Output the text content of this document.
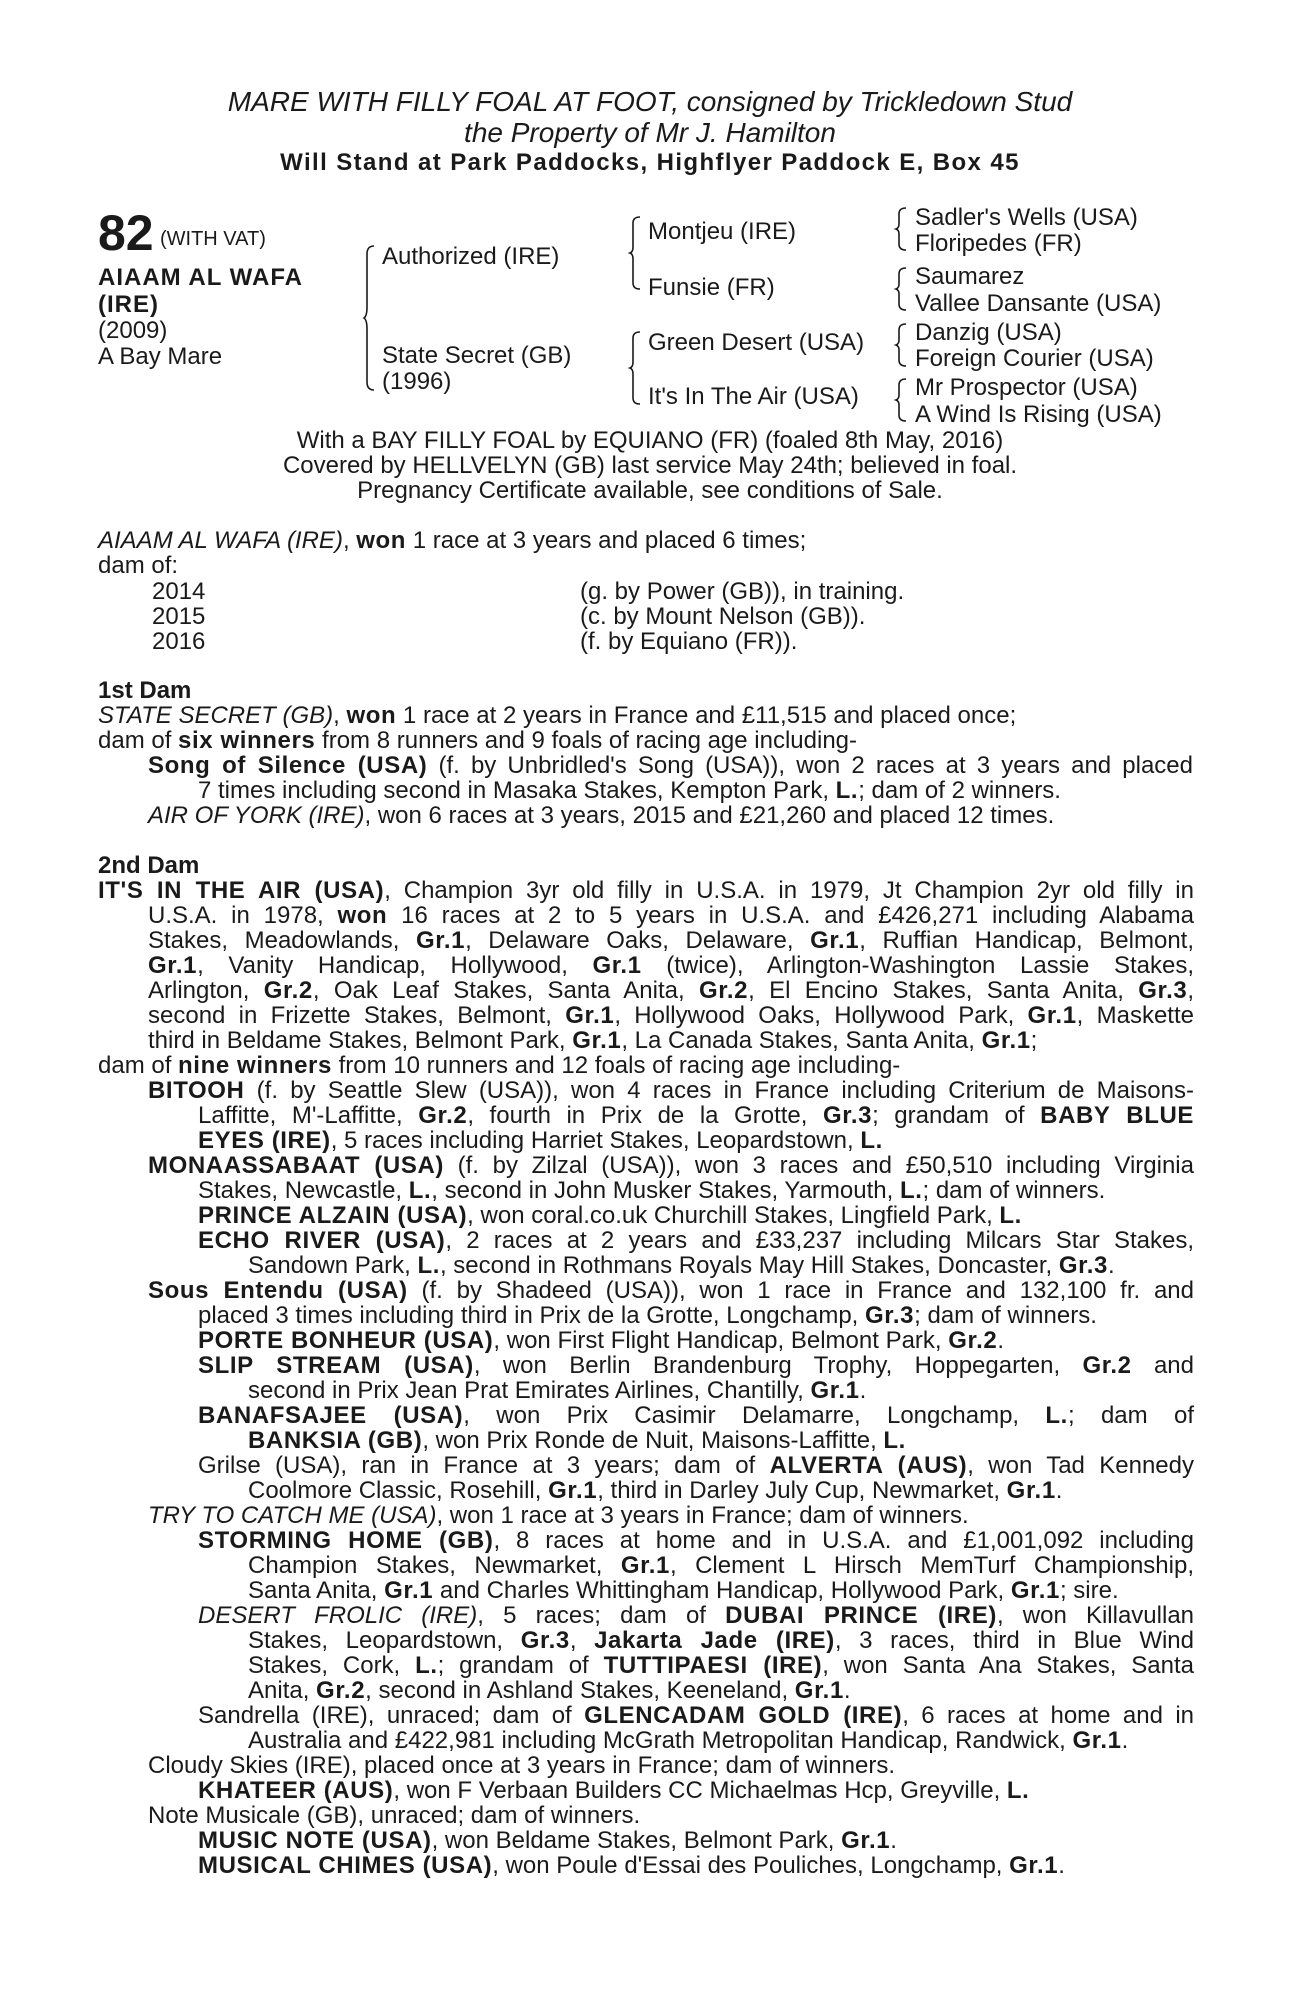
MARE WITH FILLY FOAL AT FOOT, consigned by Trickledown Stud
the Property of Mr J. Hamilton
Will Stand at Park Paddocks, Highflyer Paddock E, Box 45
82 (WITH VAT)
AIAAM AL WAFA
(IRE)
(2009)
A Bay Mare
Authorized (IRE)
State Secret (GB)
(1996)
Montjeu (IRE)
Funsie (FR)
Green Desert (USA)
It's In The Air (USA)
Sadler's Wells (USA)
Floripedes (FR)
Saumarez
Vallee Dansante (USA)
Danzig (USA)
Foreign Courier (USA)
Mr Prospector (USA)
A Wind Is Rising (USA)
With a BAY FILLY FOAL by EQUIANO (FR) (foaled 8th May, 2016)
Covered by HELLVELYN (GB) last service May 24th; believed in foal.
Pregnancy Certificate available, see conditions of Sale.
AIAAM AL WAFA (IRE), won 1 race at 3 years and placed 6 times;
dam of:
2014	(g. by Power (GB)), in training.
2015	(c. by Mount Nelson (GB)).
2016	(f. by Equiano (FR)).
1st Dam
STATE SECRET (GB), won 1 race at 2 years in France and £11,515 and placed once;
dam of six winners from 8 runners and 9 foals of racing age including-
Song of Silence (USA) (f. by Unbridled's Song (USA)), won 2 races at 3 years and placed
7 times including second in Masaka Stakes, Kempton Park, L.; dam of 2 winners.
AIR OF YORK (IRE), won 6 races at 3 years, 2015 and £21,260 and placed 12 times.
2nd Dam
IT'S IN THE AIR (USA), Champion 3yr old filly in U.S.A. in 1979, Jt Champion 2yr old filly in
U.S.A. in 1978, won 16 races at 2 to 5 years in U.S.A. and £426,271 including Alabama
Stakes, Meadowlands, Gr.1, Delaware Oaks, Delaware, Gr.1, Ruffian Handicap, Belmont,
Gr.1, Vanity Handicap, Hollywood, Gr.1 (twice), Arlington-Washington Lassie Stakes,
Arlington, Gr.2, Oak Leaf Stakes, Santa Anita, Gr.2, El Encino Stakes, Santa Anita, Gr.3,
second in Frizette Stakes, Belmont, Gr.1, Hollywood Oaks, Hollywood Park, Gr.1, Maskette
third in Beldame Stakes, Belmont Park, Gr.1, La Canada Stakes, Santa Anita, Gr.1;
dam of nine winners from 10 runners and 12 foals of racing age including-
BITOOH (f. by Seattle Slew (USA)), won 4 races in France including Criterium de Maisons-
Laffitte, M'-Laffitte, Gr.2, fourth in Prix de la Grotte, Gr.3; grandam of BABY BLUE
EYES (IRE), 5 races including Harriet Stakes, Leopardstown, L.
MONAASSABAAT (USA) (f. by Zilzal (USA)), won 3 races and £50,510 including Virginia
Stakes, Newcastle, L., second in John Musker Stakes, Yarmouth, L.; dam of winners.
PRINCE ALZAIN (USA), won coral.co.uk Churchill Stakes, Lingfield Park, L.
ECHO RIVER (USA), 2 races at 2 years and £33,237 including Milcars Star Stakes,
Sandown Park, L., second in Rothmans Royals May Hill Stakes, Doncaster, Gr.3.
Sous Entendu (USA) (f. by Shadeed (USA)), won 1 race in France and 132,100 fr. and
placed 3 times including third in Prix de la Grotte, Longchamp, Gr.3; dam of winners.
PORTE BONHEUR (USA), won First Flight Handicap, Belmont Park, Gr.2.
SLIP STREAM (USA), won Berlin Brandenburg Trophy, Hoppegarten, Gr.2 and
second in Prix Jean Prat Emirates Airlines, Chantilly, Gr.1.
BANAFSAJEE (USA), won Prix Casimir Delamarre, Longchamp, L.; dam of
BANKSIA (GB), won Prix Ronde de Nuit, Maisons-Laffitte, L.
Grilse (USA), ran in France at 3 years; dam of ALVERTA (AUS), won Tad Kennedy
Coolmore Classic, Rosehill, Gr.1, third in Darley July Cup, Newmarket, Gr.1.
TRY TO CATCH ME (USA), won 1 race at 3 years in France; dam of winners.
STORMING HOME (GB), 8 races at home and in U.S.A. and £1,001,092 including
Champion Stakes, Newmarket, Gr.1, Clement L Hirsch MemTurf Championship,
Santa Anita, Gr.1 and Charles Whittingham Handicap, Hollywood Park, Gr.1; sire.
DESERT FROLIC (IRE), 5 races; dam of DUBAI PRINCE (IRE), won Killavullan
Stakes, Leopardstown, Gr.3, Jakarta Jade (IRE), 3 races, third in Blue Wind
Stakes, Cork, L.; grandam of TUTTIPAESI (IRE), won Santa Ana Stakes, Santa
Anita, Gr.2, second in Ashland Stakes, Keeneland, Gr.1.
Sandrella (IRE), unraced; dam of GLENCADAM GOLD (IRE), 6 races at home and in
Australia and £422,981 including McGrath Metropolitan Handicap, Randwick, Gr.1.
Cloudy Skies (IRE), placed once at 3 years in France; dam of winners.
KHATEER (AUS), won F Verbaan Builders CC Michaelmas Hcp, Greyville, L.
Note Musicale (GB), unraced; dam of winners.
MUSIC NOTE (USA), won Beldame Stakes, Belmont Park, Gr.1.
MUSICAL CHIMES (USA), won Poule d'Essai des Pouliches, Longchamp, Gr.1.
